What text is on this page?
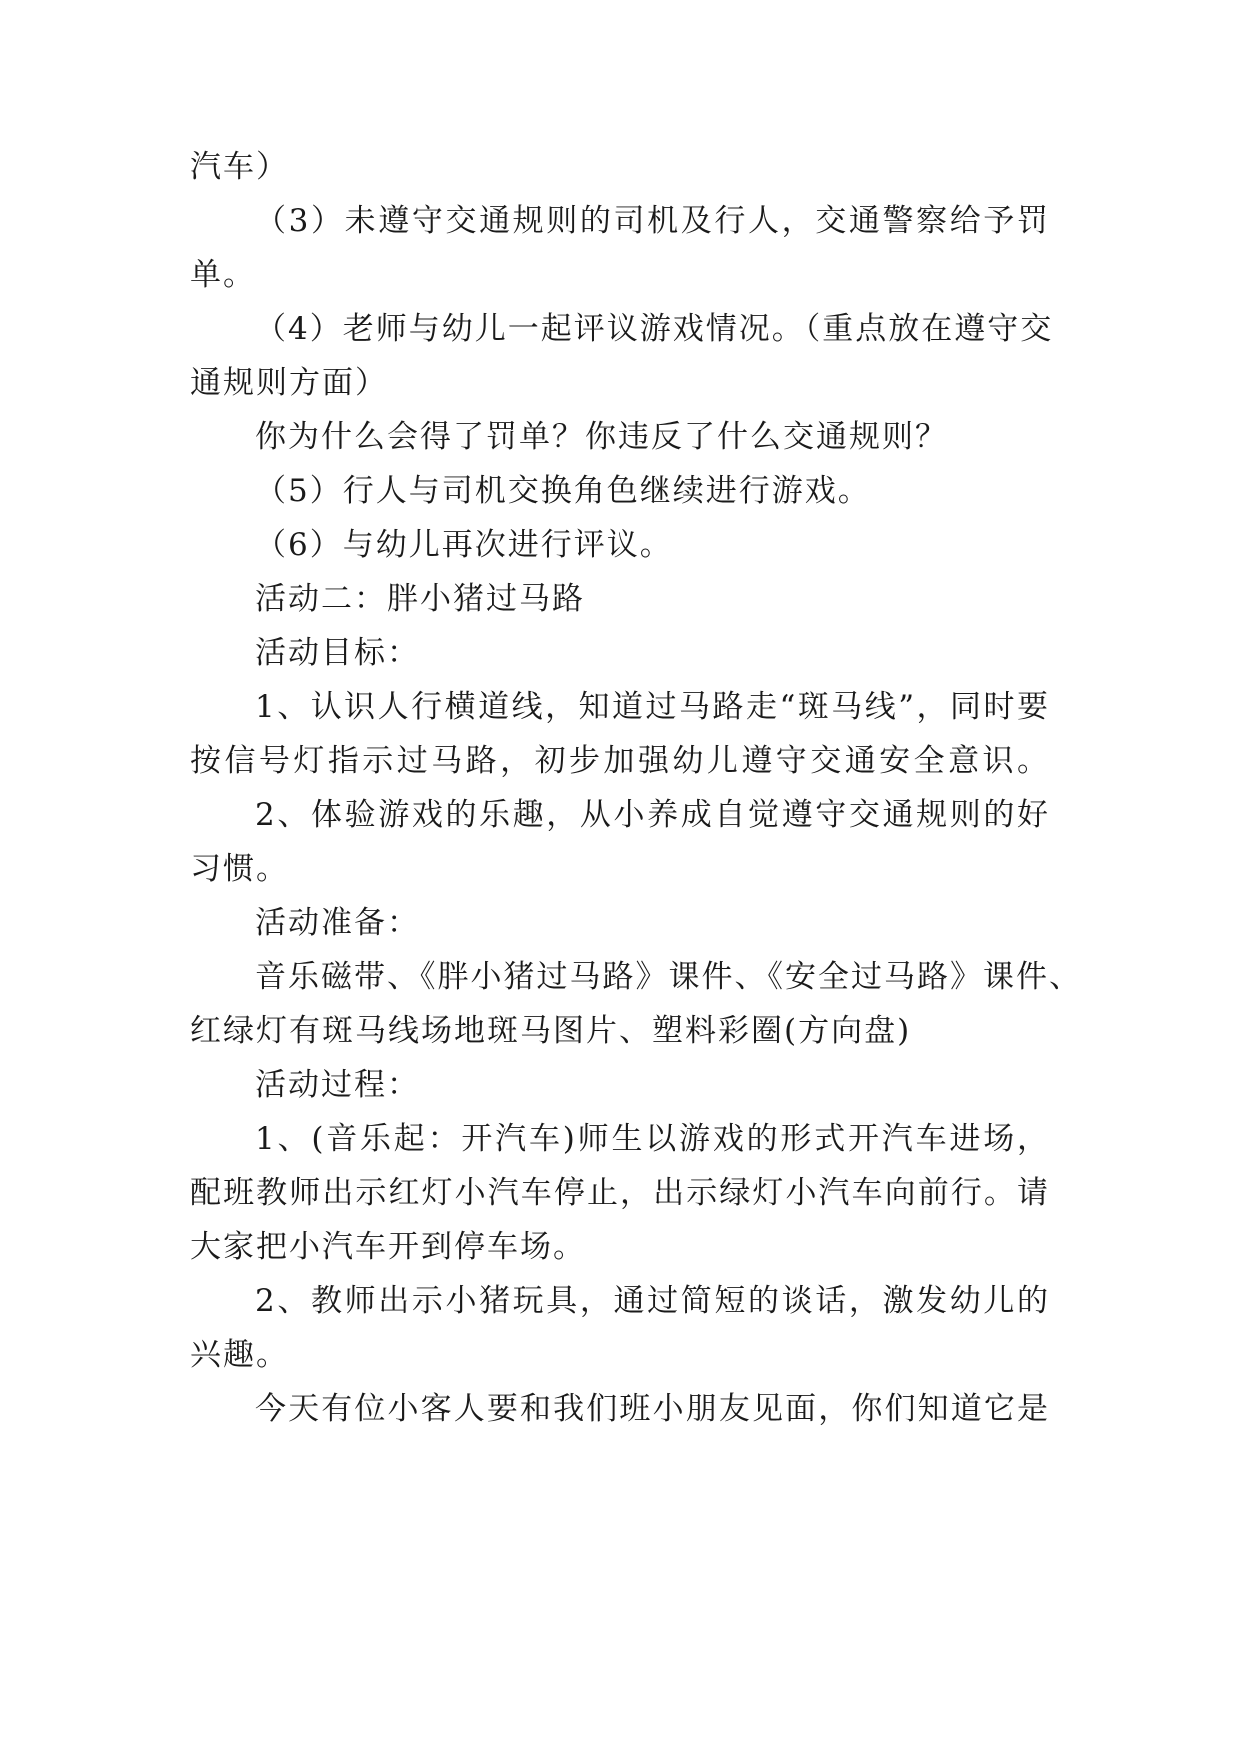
汽车）
（3）未遵守交通规则的司机及行人，交通警察给予罚
单。
（4）老师与幼儿一起评议游戏情况。（重点放在遵守交
通规则方面）
你为什么会得了罚单？你违反了什么交通规则？
（5）行人与司机交换角色继续进行游戏。
（6）与幼儿再次进行评议。
活动二：胖小猪过马路
活动目标：
1、认识人行横道线，知道过马路走“斑马线”，同时要
按信号灯指示过马路，初步加强幼儿遵守交通安全意识。
2、体验游戏的乐趣，从小养成自觉遵守交通规则的好
习惯。
活动准备：
音乐磁带、《胖小猪过马路》课件、《安全过马路》课件、
红绿灯有斑马线场地斑马图片、塑料彩圈(方向盘)
活动过程：
1、(音乐起：开汽车)师生以游戏的形式开汽车进场，
配班教师出示红灯小汽车停止，出示绿灯小汽车向前行。请
大家把小汽车开到停车场。
2、教师出示小猪玩具，通过简短的谈话，激发幼儿的
兴趣。
今天有位小客人要和我们班小朋友见面，你们知道它是
